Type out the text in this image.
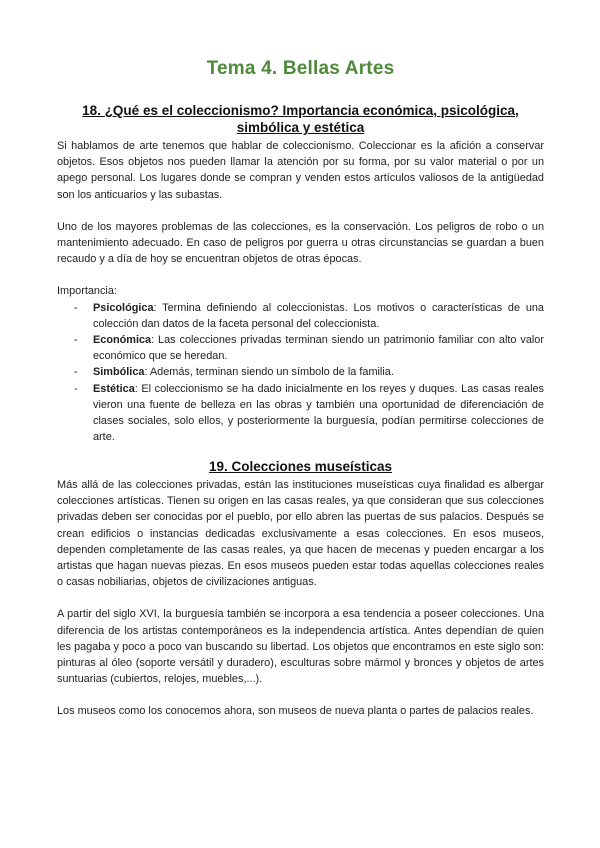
Tema 4. Bellas Artes
18. ¿Qué es el coleccionismo? Importancia económica, psicológica, simbólica y estética

Si hablamos de arte tenemos que hablar de coleccionismo. Coleccionar es la afición a conservar objetos. Esos objetos nos pueden llamar la atención por su forma, por su valor material o por un apego personal. Los lugares donde se compran y venden estos artículos valiosos de la antigüedad son los anticuarios y las subastas.

Uno de los mayores problemas de las colecciones, es la conservación. Los peligros de robo o un mantenimiento adecuado. En caso de peligros por guerra u otras circunstancias se guardan a buen recaudo y a día de hoy se encuentran objetos de otras épocas.

Importancia:

- Psicológica: Termina definiendo al coleccionistas. Los motivos o características de una colección dan datos de la faceta personal del coleccionista.
- Económica: Las colecciones privadas terminan siendo un patrimonio familiar con alto valor económico que se heredan.
- Simbólica: Además, terminan siendo un símbolo de la familia.
- Estética: El coleccionismo se ha dado inicialmente en los reyes y duques. Las casas reales vieron una fuente de belleza en las obras y también una oportunidad de diferenciación de clases sociales, solo ellos, y posteriormente la burguesía, podían permitirse colecciones de arte.
19. Colecciones museísticas

Más allá de las colecciones privadas, están las instituciones museísticas cuya finalidad es albergar colecciones artísticas. Tienen su origen en las casas reales, ya que consideran que sus colecciones privadas deben ser conocidas por el pueblo, por ello abren las puertas de sus palacios. Después se crean edificios o instancias dedicadas exclusivamente a esas colecciones. En esos museos, dependen completamente de las casas reales, ya que hacen de mecenas y pueden encargar a los artistas que hagan nuevas piezas. En esos museos pueden estar todas aquellas colecciones reales o casas nobiliarias, objetos de civilizaciones antiguas.

A partir del siglo XVI, la burguesía también se incorpora a esa tendencia a poseer colecciones. Una diferencia de los artistas contemporáneos es la independencia artística. Antes dependían de quien les pagaba y poco a poco van buscando su libertad. Los objetos que encontramos en este siglo son: pinturas al óleo (soporte versátil y duradero), esculturas sobre mármol y bronces y objetos de artes suntuarias (cubiertos, relojes, muebles,...).

Los museos como los conocemos ahora, son museos de nueva planta o partes de palacios reales.
